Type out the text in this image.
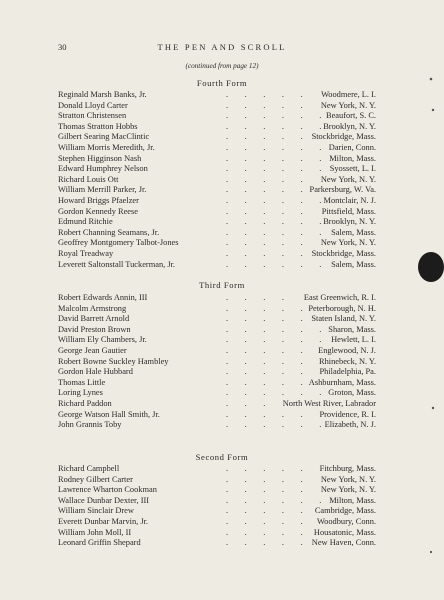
30	THE PEN AND SCROLL
(continued from page 12)
Fourth Form
Reginald Marsh Banks, Jr.	. . . . . Woodmere, L. I.
Donald Lloyd Carter	. . . . . New York, N. Y.
Stratton Christensen	. . . . . . Beaufort, S. C.
Thomas Stratton Hobbs	. . . . . . Brooklyn, N. Y.
Gilbert Searing MacClintic	. . . . . Stockbridge, Mass.
William Morris Meredith, Jr.	. . . . . . Darien, Conn.
Stephen Higginson Nash	. . . . . . Milton, Mass.
Edward Humphrey Nelson	. . . . . . Syossett, L. I.
Richard Louis Ott	. . . . . New York, N. Y.
William Merrill Parker, Jr.	. . . . . Parkersburg, W. Va.
Howard Briggs Pfaelzer	. . . . . . Montclair, N. J.
Gordon Kennedy Reese	. . . . . Pittsfield, Mass.
Edmund Ritchie	. . . . . . Brooklyn, N. Y.
Robert Channing Seamans, Jr.	. . . . . . Salem, Mass.
Geoffrey Montgomery Talbot-Jones	. . . . . New York, N. Y.
Royal Treadway	. . . . . Stockbridge, Mass.
Leverett Saltonstall Tuckerman, Jr.	. . . . . . Salem, Mass.
Third Form
Robert Edwards Annin, III	. . . . East Greenwich, R. I.
Malcolm Armstrong	. . . . . Peterborough, N. H.
David Barrett Arnold	. . . . . Staten Island, N. Y.
David Preston Brown	. . . . . . Sharon, Mass.
William Ely Chambers, Jr.	. . . . . . Hewlett, L. I.
George Jean Gautier	. . . . . Englewood, N. J.
Robert Bowne Suckley Hambley	. . . . . Rhinebeck, N. Y.
Gordon Hale Hubbard	. . . . . Philadelphia, Pa.
Thomas Little	. . . . . Ashburnham, Mass.
Loring Lynes	. . . . . . Groton, Mass.
Richard Paddon	. . . North West River, Labrador
George Watson Hall Smith, Jr.	. . . . . Providence, R. I.
John Grannis Toby	. . . . . . Elizabeth, N. J.
Second Form
Richard Campbell	. . . . . Fitchburg, Mass.
Rodney Gilbert Carter	. . . . . New York, N. Y.
Lawrence Wharton Cookman	. . . . . New York, N. Y.
Wallace Dunbar Dexter, III	. . . . . . Milton, Mass.
William Sinclair Drew	. . . . . Cambridge, Mass.
Everett Dunbar Marvin, Jr.	. . . . . Woodbury, Conn.
William John Moll, II	. . . . . Housatonic, Mass.
Leonard Griffin Shepard	. . . . . New Haven, Conn.
